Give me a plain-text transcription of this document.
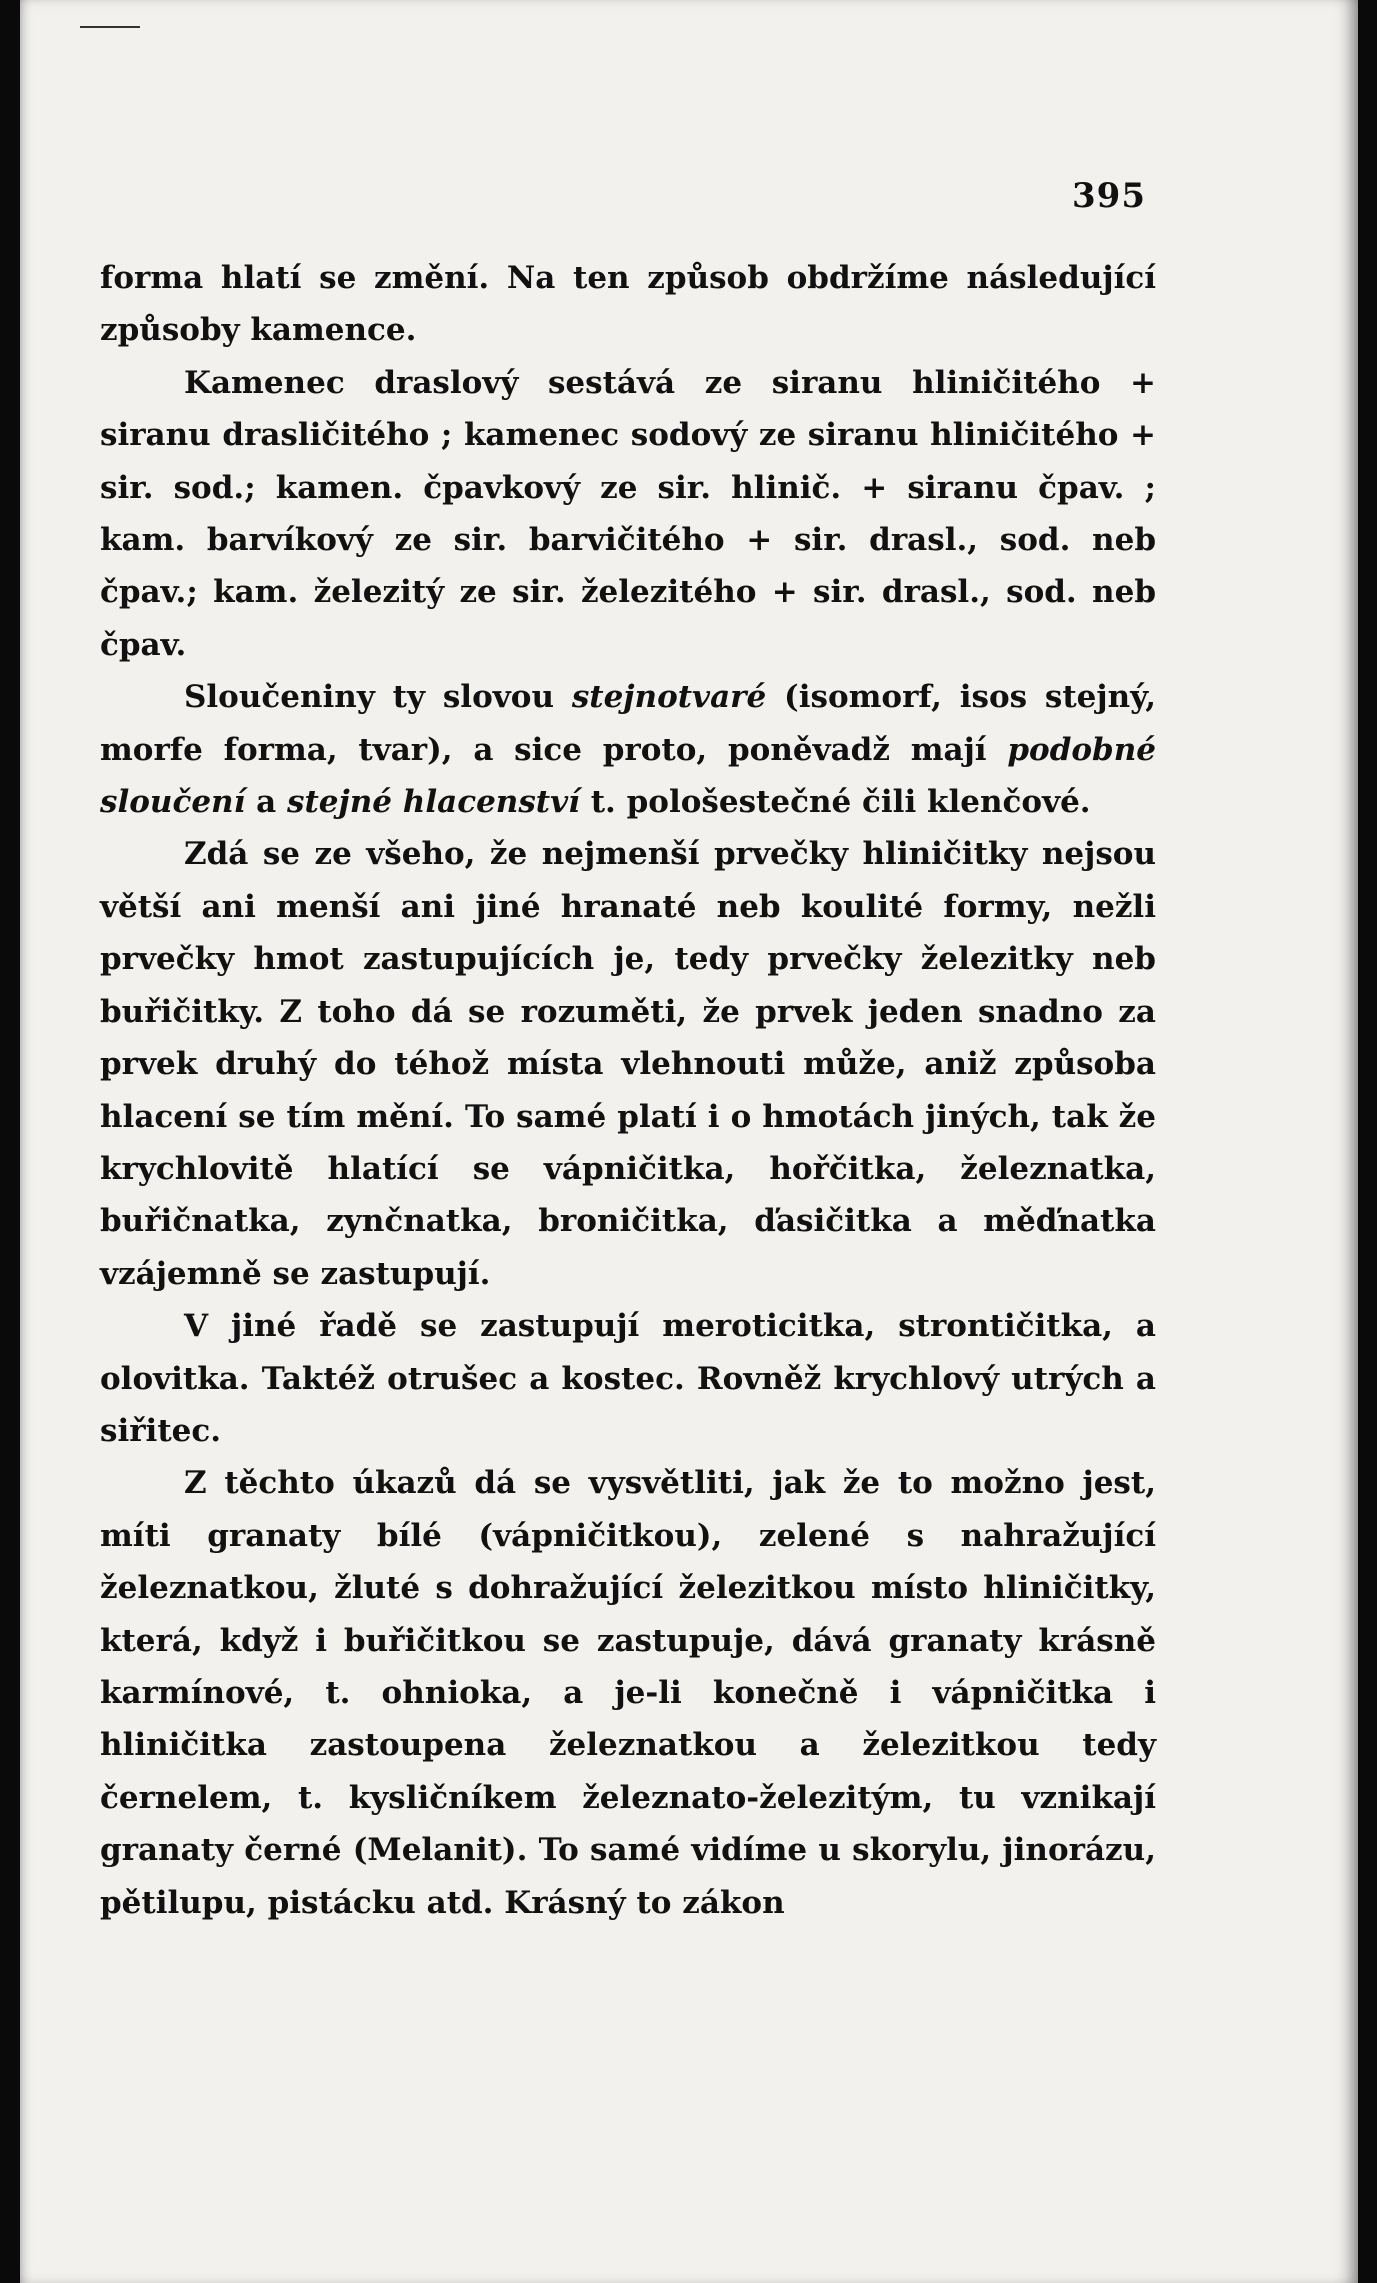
395

forma hlatí se změní. Na ten způsob obdržíme následující způsoby kamence.

Kamenec draslový sestává ze siranu hliničitého + siranu drasličitého ; kamenec sodový ze siranu hliničitého + sir. sod.; kamen. čpavkový ze sir. hlinič. + siranu čpav. ; kam. barvíkový ze sir. barvičitého + sir. drasl., sod. neb čpav.; kam. železitý ze sir. železitého + sir. drasl., sod. neb čpav.

Sloučeniny ty slovou stejnotvaré (isomorf, isos stejný, morfe forma, tvar), a sice proto, poněvadž mají podobné sloučení a stejné hlacenství t. pološestečné čili klenčové.

Zdá se ze všeho, že nejmenší prvečky hliničitky nejsou větší ani menší ani jiné hranaté neb koulité formy, nežli prvečky hmot zastupujících je, tedy prvečky železitky neb buřičitky. Z toho dá se rozuměti, že prvek jeden snadno za prvek druhý do téhož místa vlehnouti může, aniž způsoba hlacení se tím mění. To samé platí i o hmotách jiných, tak že krychlovitě hlatící se vápničitka, hořčitka, železnatka, buřičnatka, zynčnatka, broničitka, ďasičitka a měďnatka vzájemně se zastupují.

V jiné řadě se zastupují meroticitka, strontičitka, a olovitka. Taktéž otrušec a kostec. Rovněž krychlový utrých a siřitec.

Z těchto úkazů dá se vysvětliti, jak že to možno jest, míti granaty bílé (vápničitkou), zelené s nahražující železnatkou, žluté s dohražující železitkou místo hliničitky, která, když i buřičitkou se zastupuje, dává granaty krásně karmínové, t. ohnioka, a je-li konečně i vápničitka i hliničitka zastoupena železnatkou a železitkou tedy černelem, t. kysličníkem železnato-železitým, tu vznikají granaty černé (Melanit). To samé vidíme u skorylu, jinorázu, pětilupu, pistácku atd. Krásný to zákon
